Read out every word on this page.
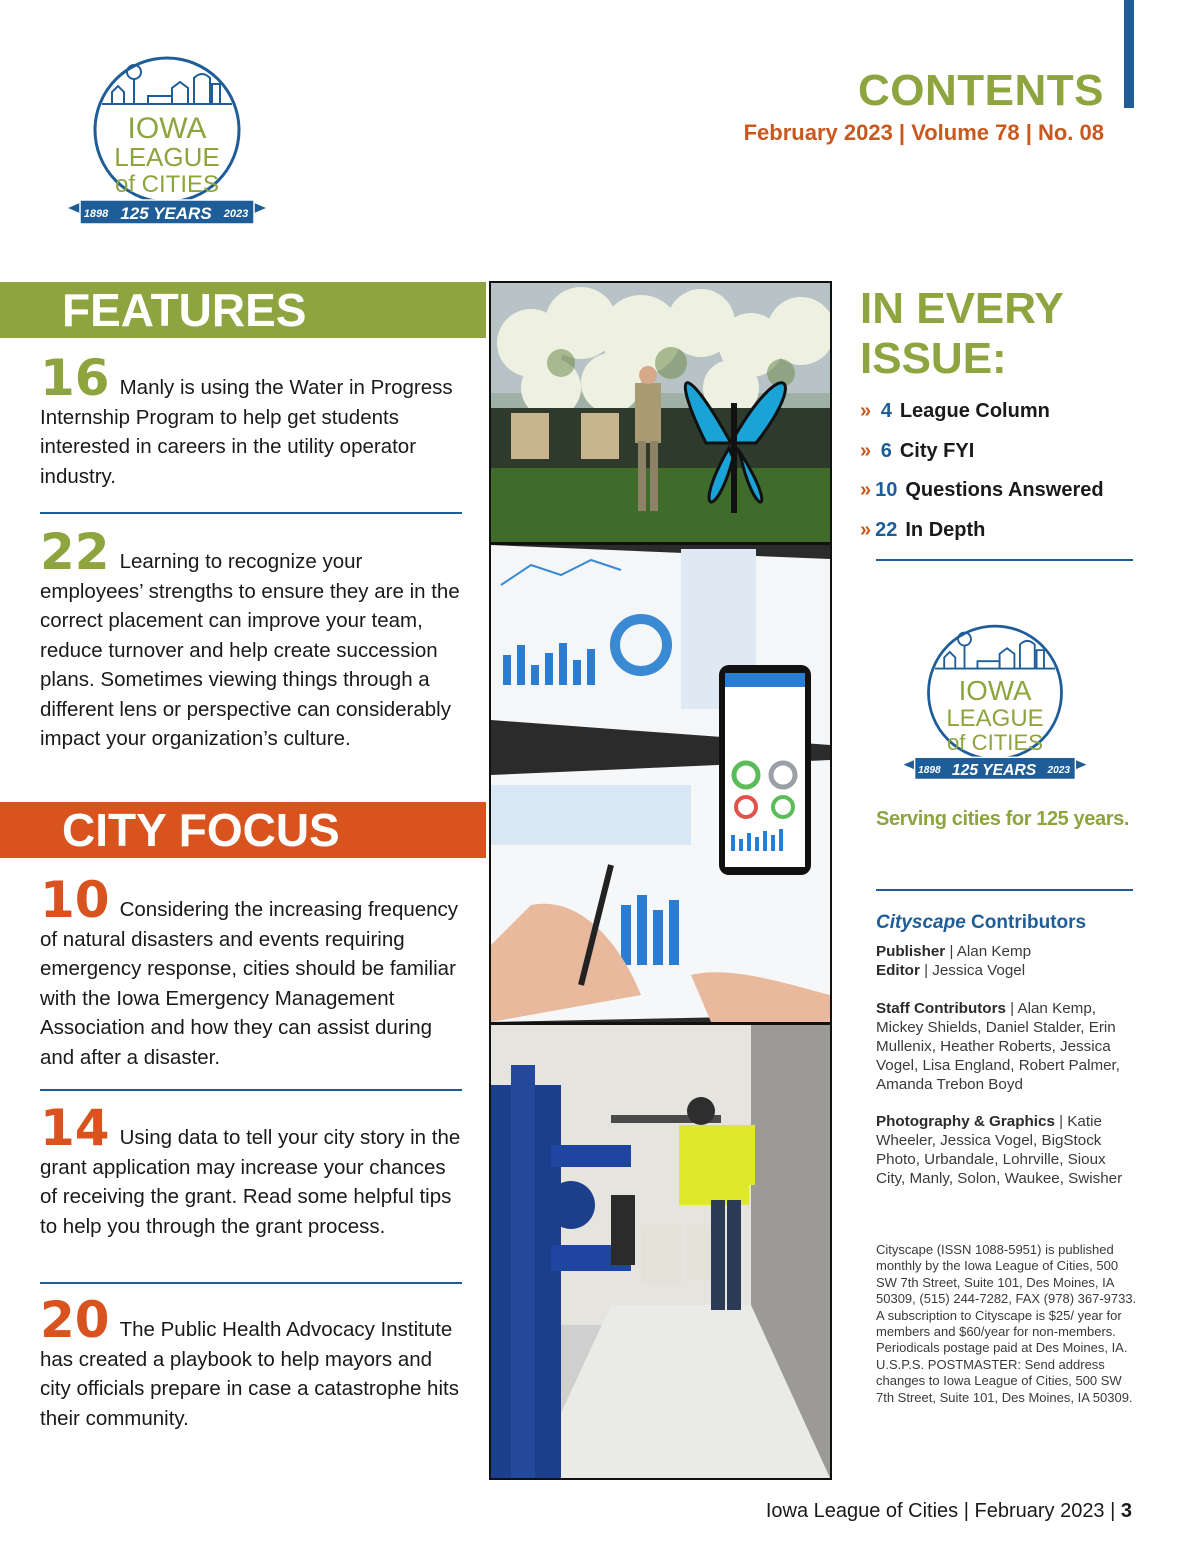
IOWA
LEAGUE
of CITIES
1898 125 YEARS 2023
CONTENTS
February 2023 | Volume 78 | No. 08
FEATURES
16 Manly is using the Water in Progress Internship Program to help get students interested in careers in the utility operator industry.
22 Learning to recognize your employees’ strengths to ensure they are in the correct placement can improve your team, reduce turnover and help create succession plans. Sometimes viewing things through a different lens or perspective can considerably impact your organization’s culture.
CITY FOCUS
10 Considering the increasing frequency of natural disasters and events requiring emergency response, cities should be familiar with the Iowa Emergency Management Association and how they can assist during and after a disaster.
14 Using data to tell your city story in the grant application may increase your chances of receiving the grant. Read some helpful tips to help you through the grant process.
20 The Public Health Advocacy Institute has created a playbook to help mayors and city officials prepare in case a catastrophe hits their community.
IN EVERY ISSUE:
» 4 League Column
» 6 City FYI
» 10 Questions Answered
» 22 In Depth
IOWA
LEAGUE
of CITIES
1898 125 YEARS 2023
Serving cities for 125 years.
Cityscape Contributors
Publisher | Alan Kemp
Editor | Jessica Vogel
Staff Contributors | Alan Kemp, Mickey Shields, Daniel Stalder, Erin Mullenix, Heather Roberts, Jessica Vogel, Lisa England, Robert Palmer, Amanda Trebon Boyd
Photography & Graphics | Katie Wheeler, Jessica Vogel, BigStock Photo, Urbandale, Lohrville, Sioux City, Manly, Solon, Waukee, Swisher
Cityscape (ISSN 1088-5951) is published monthly by the Iowa League of Cities, 500 SW 7th Street, Suite 101, Des Moines, IA 50309, (515) 244-7282, FAX (978) 367-9733. A subscription to Cityscape is $25/ year for members and $60/year for non-members. Periodicals postage paid at Des Moines, IA. U.S.P.S. POSTMASTER: Send address changes to Iowa League of Cities, 500 SW 7th Street, Suite 101, Des Moines, IA 50309.
Iowa League of Cities | February 2023 | 3
